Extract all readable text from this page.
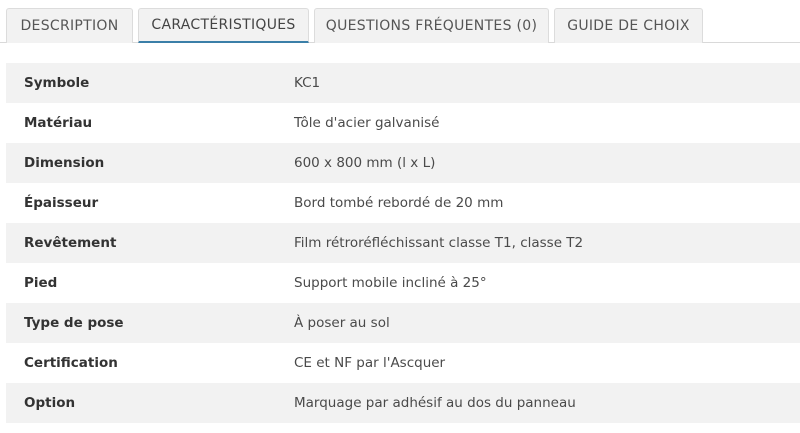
DESCRIPTION	CARACTÉRISTIQUES	QUESTIONS FRÉQUENTES (0)	GUIDE DE CHOIX
Symbole	KC1
Matériau	Tôle d'acier galvanisé
Dimension	600 x 800 mm (l x L)
Épaisseur	Bord tombé rebordé de 20 mm
Revêtement	Film rétroréfléchissant classe T1, classe T2
Pied	Support mobile incliné à 25°
Type de pose	À poser au sol
Certification	CE et NF par l'Ascquer
Option	Marquage par adhésif au dos du panneau
